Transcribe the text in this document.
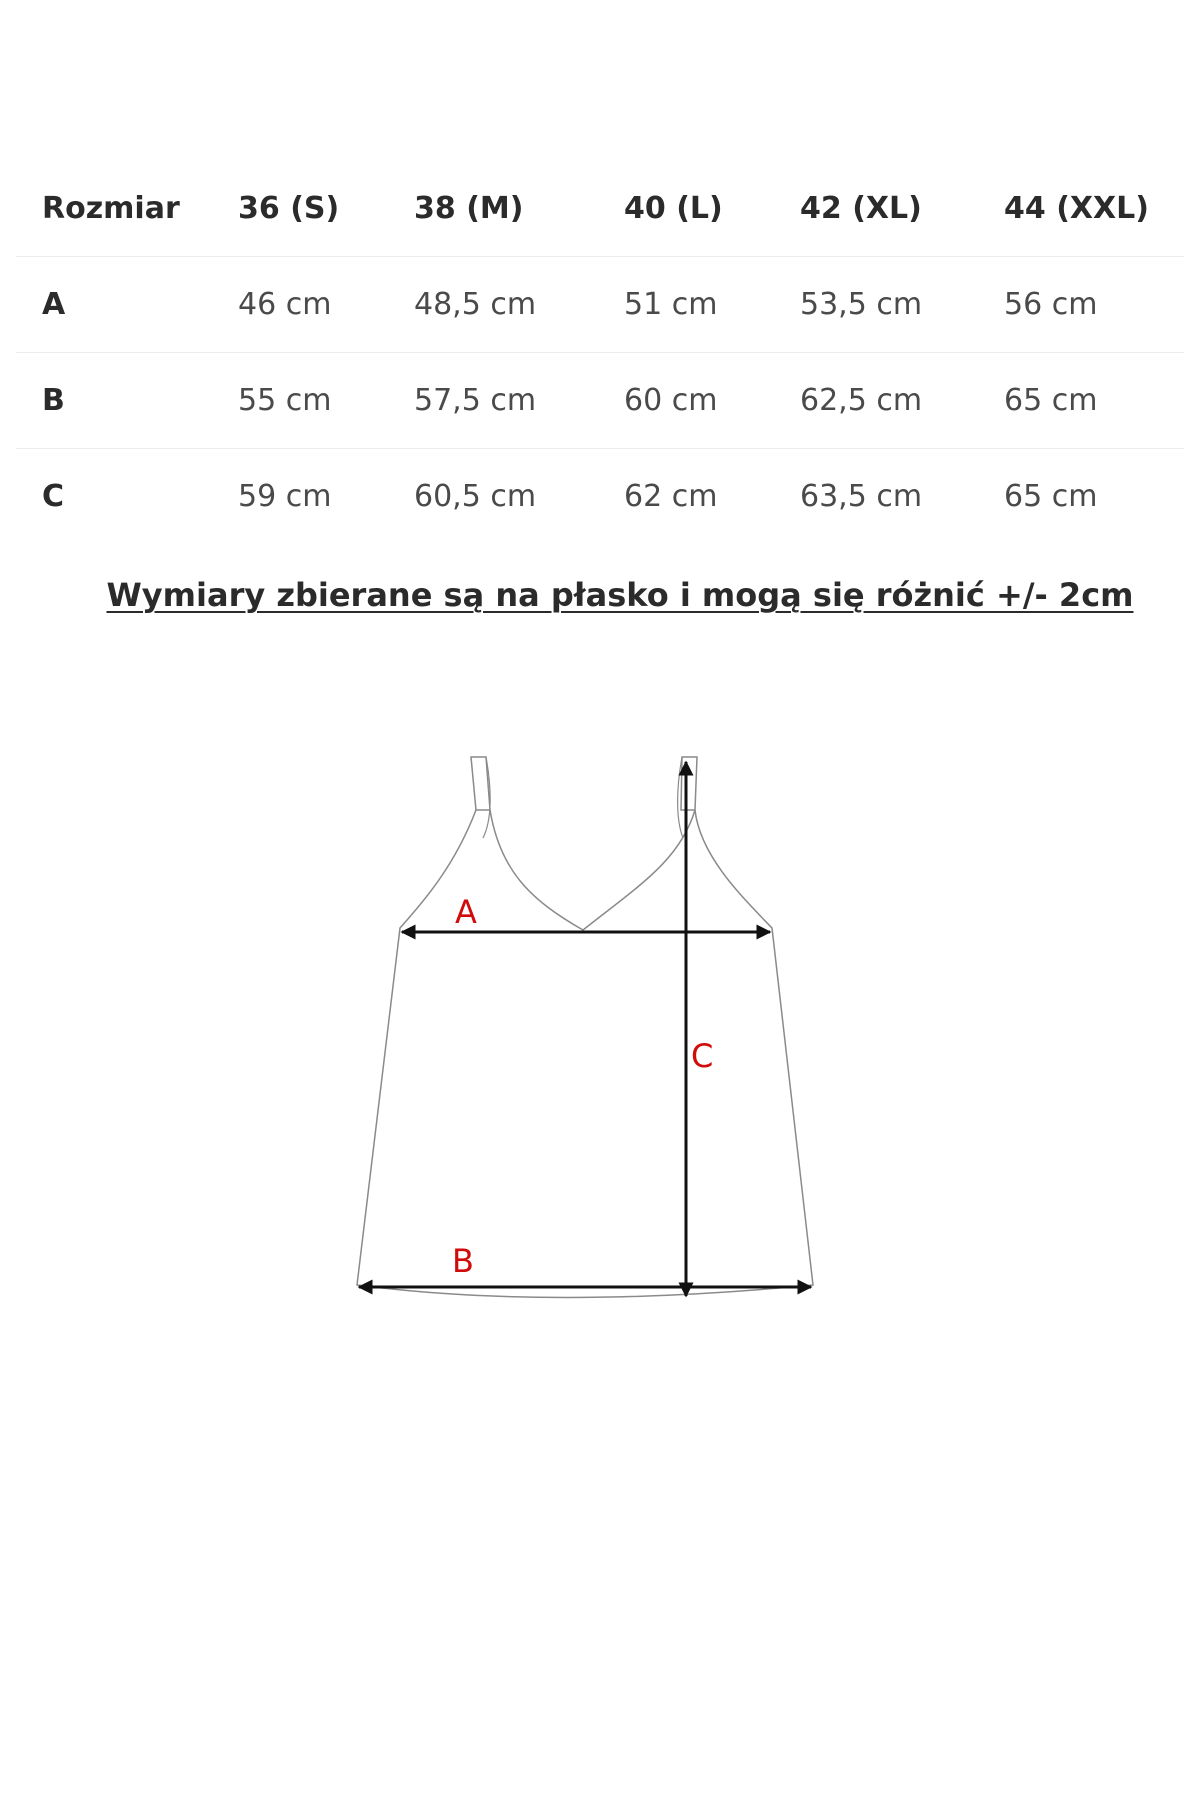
Rozmiar	36 (S)	38 (M)	40 (L)	42 (XL)	44 (XXL)
A	46 cm	48,5 cm	51 cm	53,5 cm	56 cm
B	55 cm	57,5 cm	60 cm	62,5 cm	65 cm
C	59 cm	60,5 cm	62 cm	63,5 cm	65 cm

Wymiary zbierane są na płasko i mogą się różnić +/- 2cm

A
B
C
